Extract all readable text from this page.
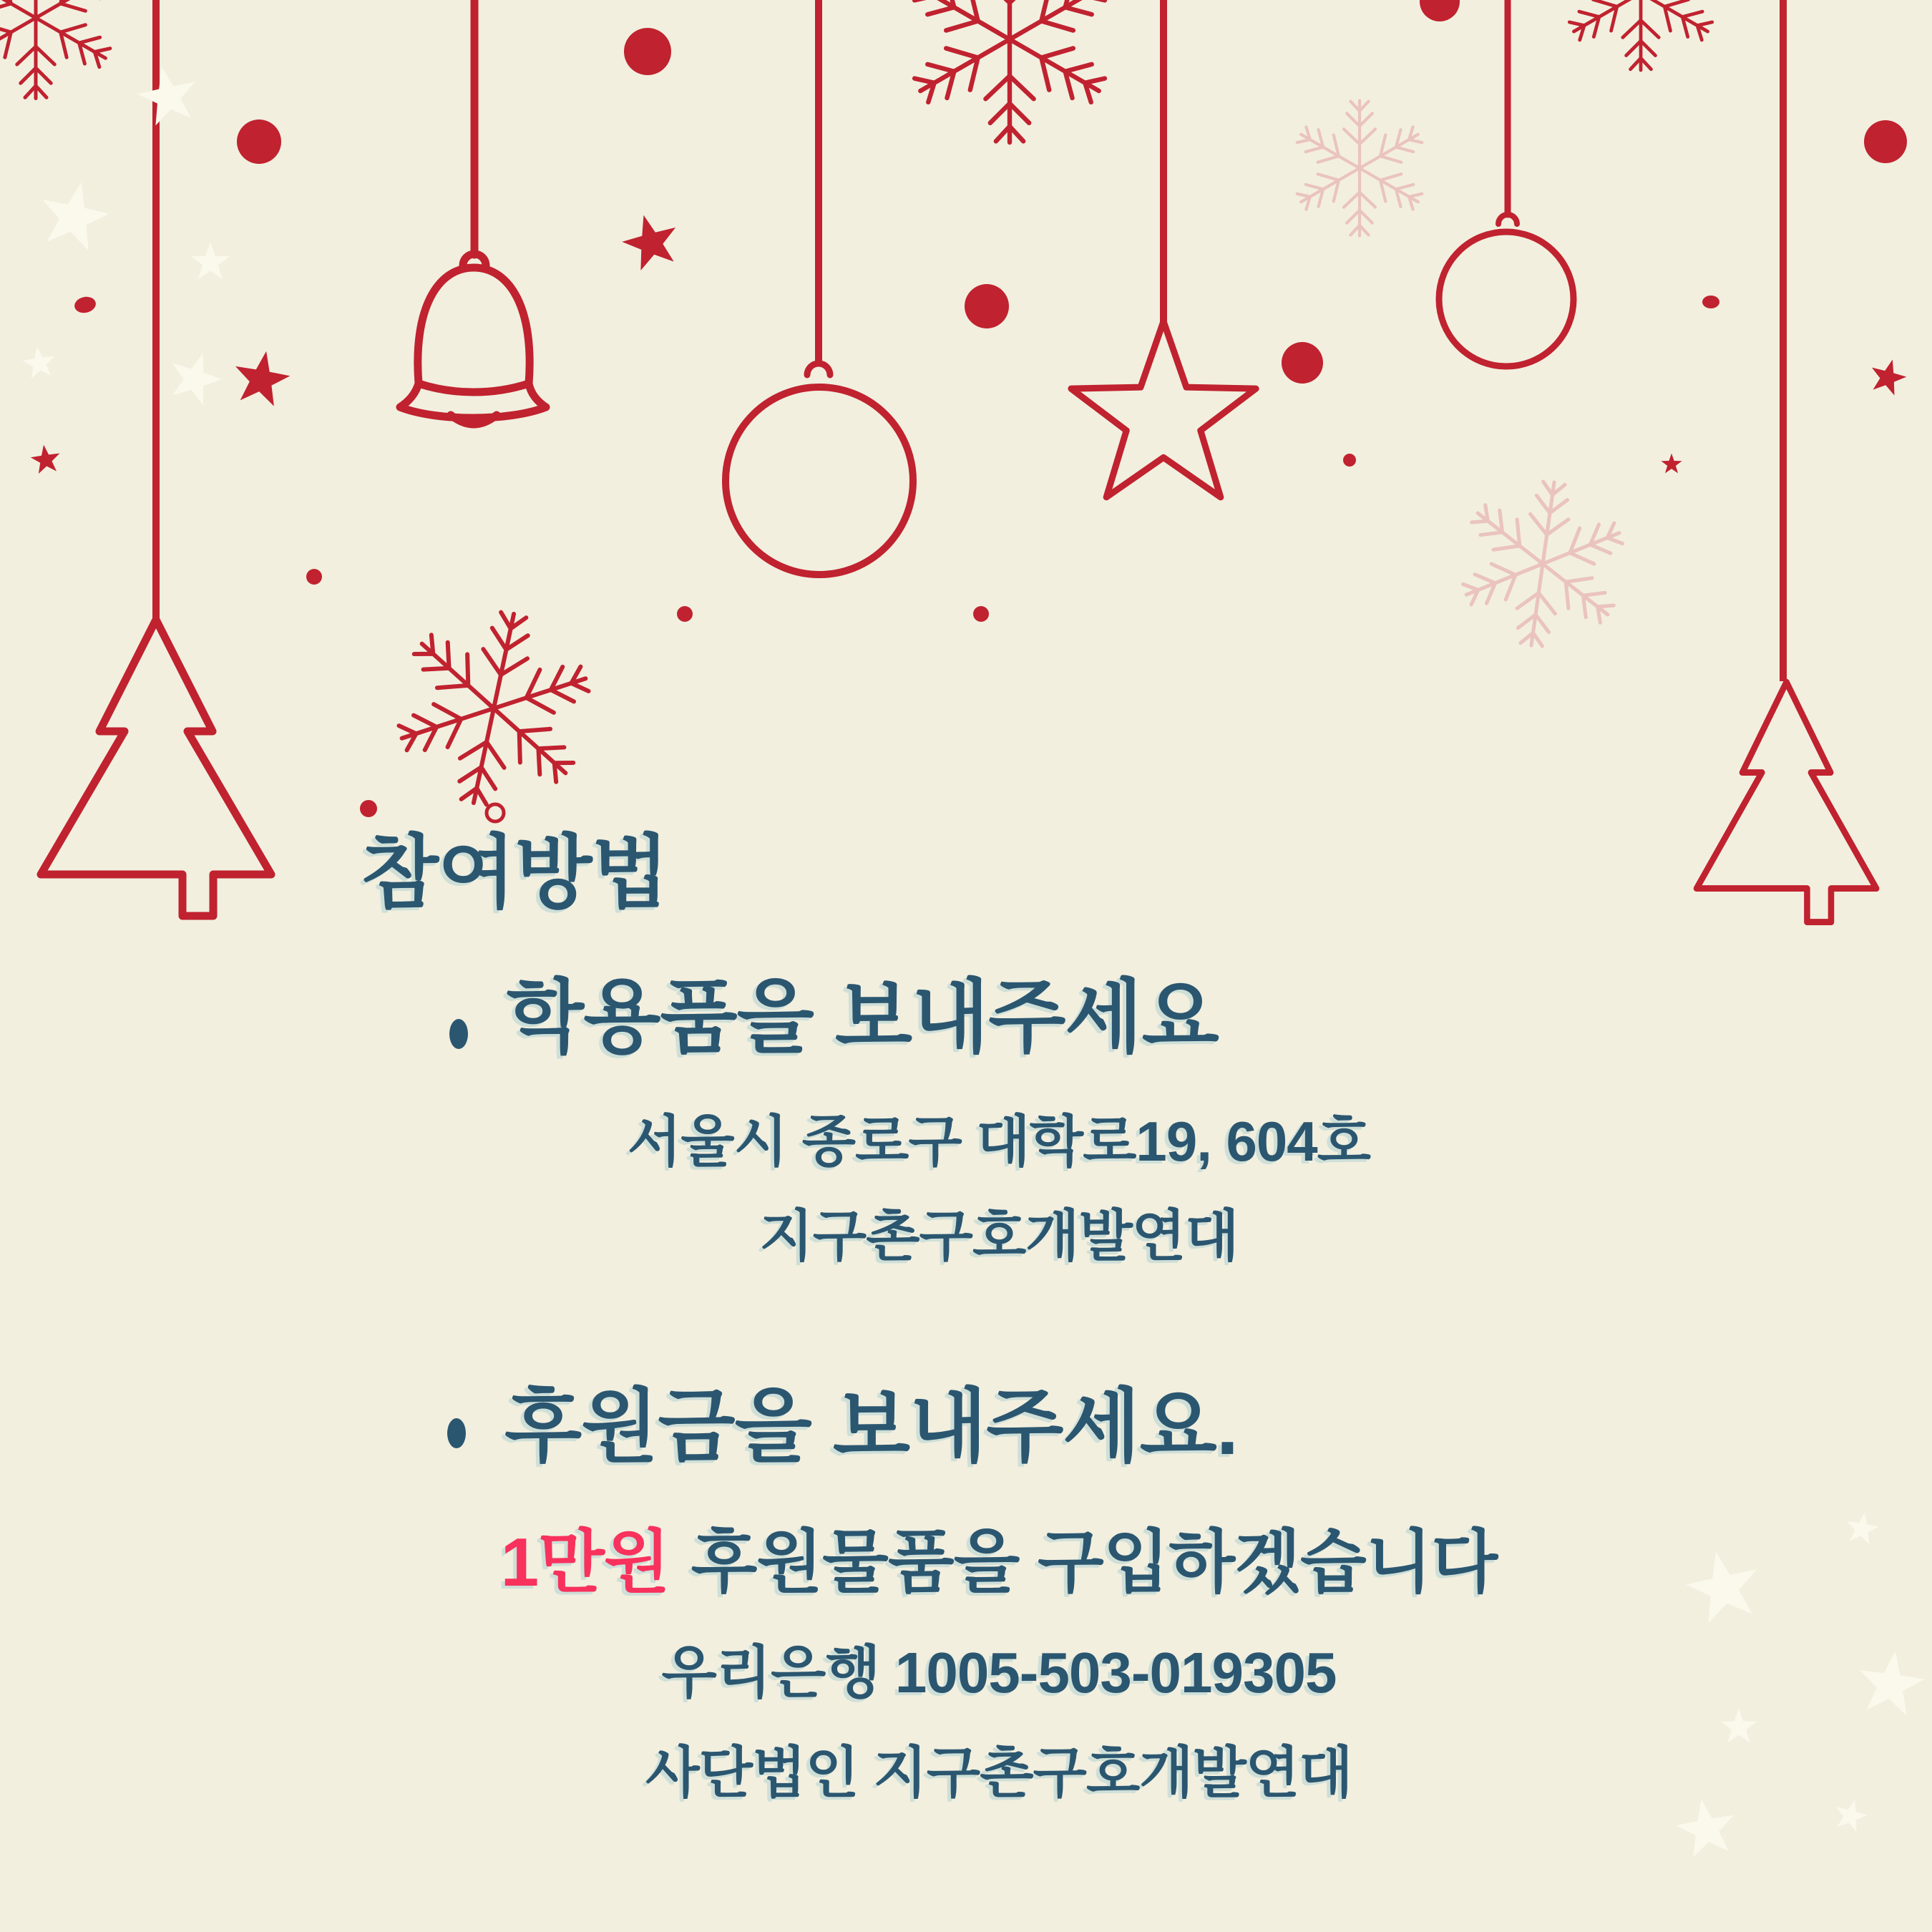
참여방법
학용품을 보내주세요
서울시 종로구 대학로19, 604호
지구촌구호개발연대
후원금을 보내주세요.
1만원 후원물품을 구입하겠습니다
우리은행 1005-503-019305
사단법인 지구촌구호개발연대
